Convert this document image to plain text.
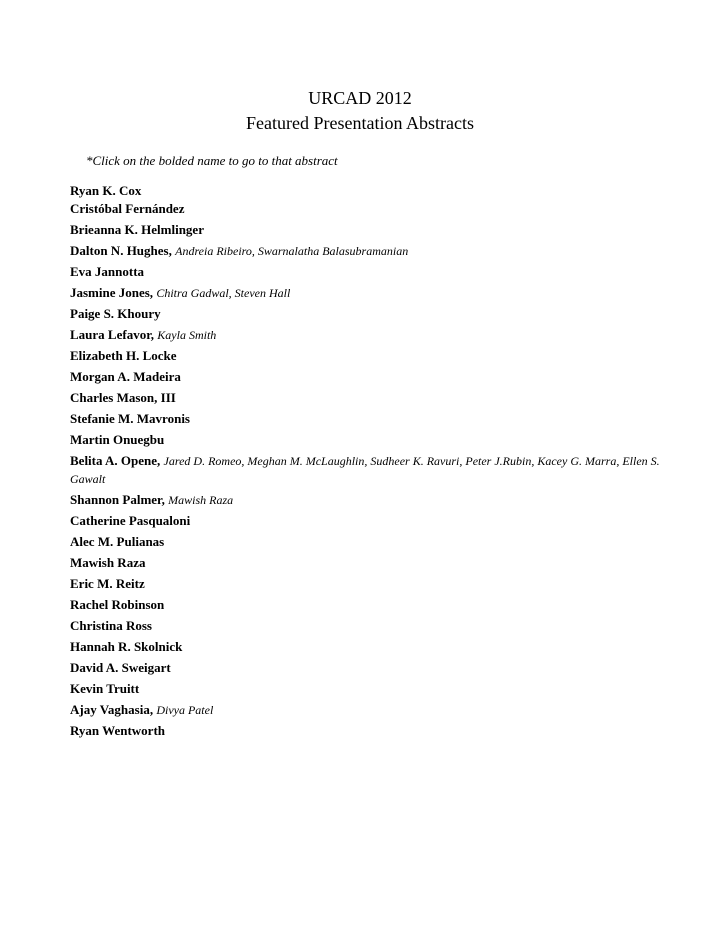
URCAD 2012
Featured Presentation Abstracts
*Click on the bolded name to go to that abstract
Ryan K. Cox
Cristóbal Fernández
Brieanna K. Helmlinger
Dalton N. Hughes, Andreia Ribeiro, Swarnalatha Balasubramanian
Eva Jannotta
Jasmine Jones, Chitra Gadwal, Steven Hall
Paige S. Khoury
Laura Lefavor, Kayla Smith
Elizabeth H. Locke
Morgan A. Madeira
Charles Mason, III
Stefanie M. Mavronis
Martin Onuegbu
Belita A. Opene, Jared D. Romeo, Meghan M. McLaughlin, Sudheer K. Ravuri, Peter J.Rubin, Kacey G. Marra, Ellen S. Gawalt
Shannon Palmer, Mawish Raza
Catherine Pasqualoni
Alec M. Pulianas
Mawish Raza
Eric M. Reitz
Rachel Robinson
Christina Ross
Hannah R. Skolnick
David A. Sweigart
Kevin Truitt
Ajay Vaghasia, Divya Patel
Ryan Wentworth
